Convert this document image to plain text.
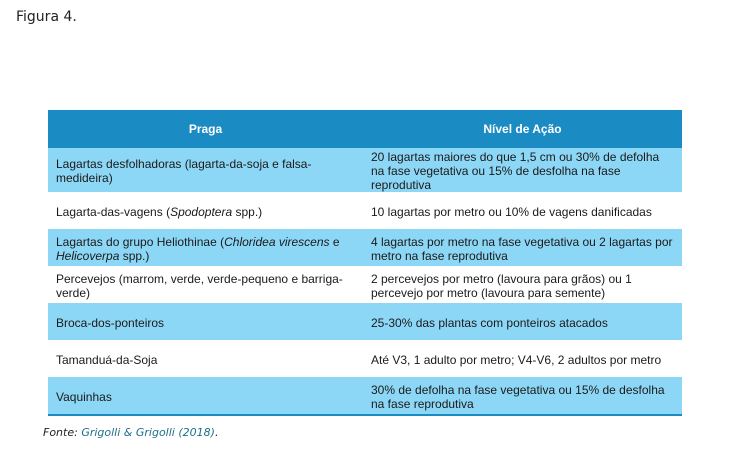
Figura 4.

Praga	Nível de Ação
Lagartas desfolhadoras (lagarta-da-soja e falsa-medideira)	20 lagartas maiores do que 1,5 cm ou 30% de defolha na fase vegetativa ou 15% de desfolha na fase reprodutiva
Lagarta-das-vagens (Spodoptera spp.)	10 lagartas por metro ou 10% de vagens danificadas
Lagartas do grupo Heliothinae (Chloridea virescens e Helicoverpa spp.)	4 lagartas por metro na fase vegetativa ou 2 lagartas por metro na fase reprodutiva
Percevejos (marrom, verde, verde-pequeno e barriga-verde)	2 percevejos por metro (lavoura para grãos) ou 1 percevejo por metro (lavoura para semente)
Broca-dos-ponteiros	25-30% das plantas com ponteiros atacados
Tamanduá-da-Soja	Até V3, 1 adulto por metro; V4-V6, 2 adultos por metro
Vaquinhas	30% de defolha na fase vegetativa ou 15% de desfolha na fase reprodutiva

Fonte: Grigolli & Grigolli (2018).
